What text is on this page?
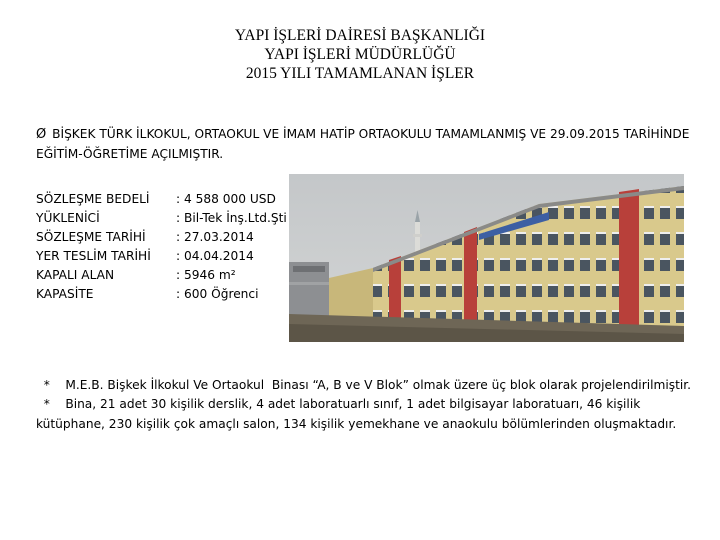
YAPI İŞLERİ DAİRESİ BAŞKANLIĞI
YAPI İŞLERİ MÜDÜRLÜĞÜ
2015 YILI TAMAMLANAN İŞLER
Ø BİŞKEK TÜRK İLKOKUL, ORTAOKUL VE İMAM HATİP ORTAOKULU TAMAMLANMIŞ VE 29.09.2015 TARİHİNDE EĞİTİM-ÖĞRETİME AÇILMIŞTIR.
SÖZLEŞME BEDELİ	: 4 588 000 USD
YÜKLENİCİ	: Bil-Tek İnş.Ltd.Şti
SÖZLEŞME TARİHİ	: 27.03.2014
YER TESLİM TARİHİ	: 04.04.2014
KAPALI ALAN	: 5946 m²
KAPASİTE	: 600 Öğrenci

*    M.E.B. Bişkek İlkokul Ve Ortaokul  Binası “A, B ve V Blok” olmak üzere üç blok olarak projelendirilmiştir.

*    Bina, 21 adet 30 kişilik derslik, 4 adet laboratuarlı sınıf, 1 adet bilgisayar laboratuarı, 46 kişilik kütüphane, 230 kişilik çok amaçlı salon, 134 kişilik yemekhane ve anaokulu bölümlerinden oluşmaktadır.
